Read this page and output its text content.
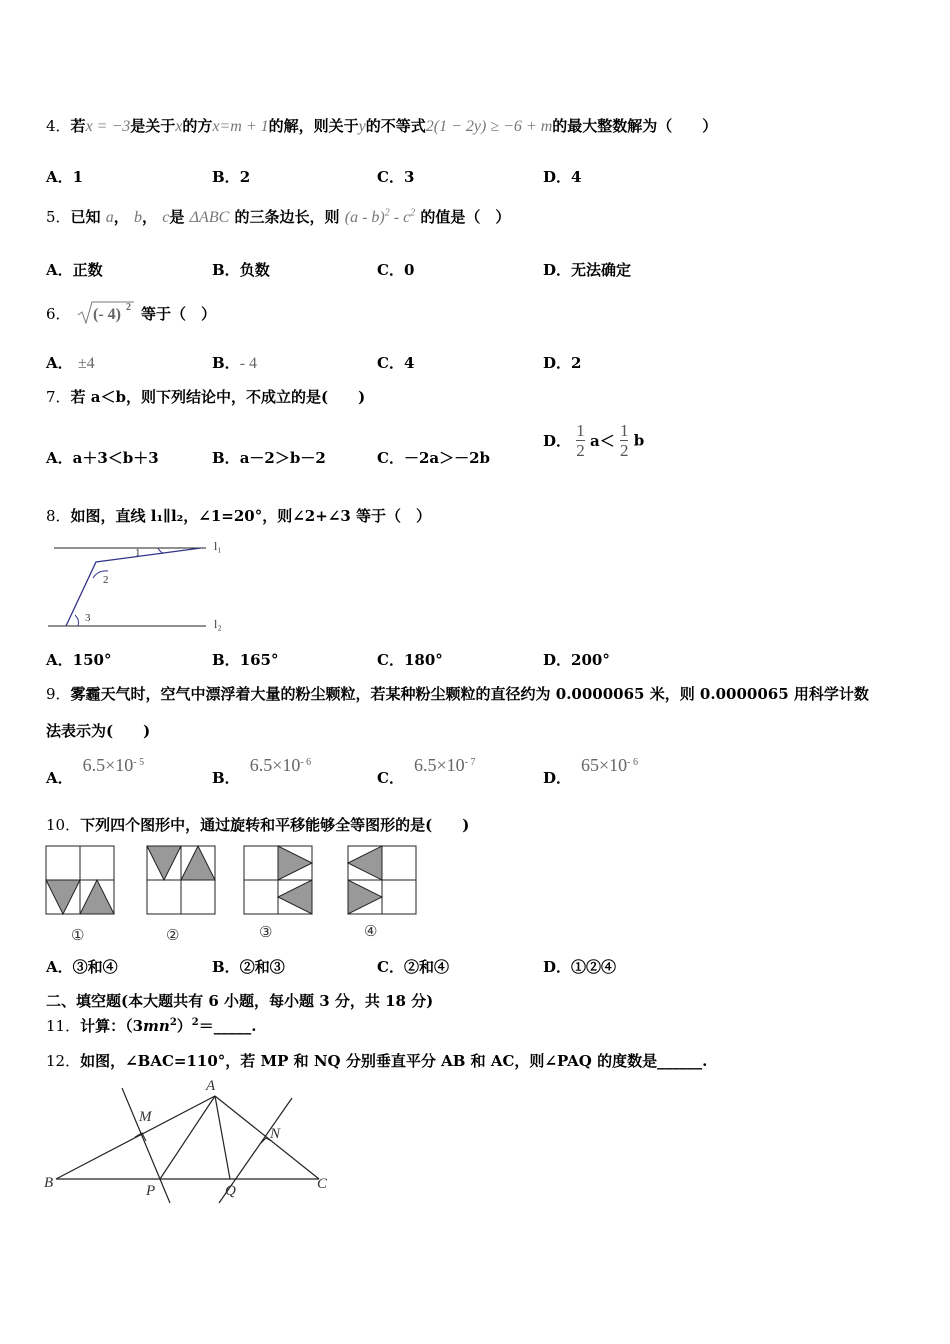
4．若x = −3是关于x的方x=m + 1的解，则关于y的不等式2(1 − 2y) ≥ −6 + m的最大整数解为（　　）
A．1	B．2	C．3	D．4
5．已知 a， b， c是 ΔABC 的三条边长，则 $(a - b)^2 - c^2$ 的值是（　）
A．正数	B．负数	C．0	D．无法确定
6． (- 4) 2 等于（　）
A． ±4	B．- 4	C．4	D．2
7．若 a＜b，则下列结论中，不成立的是(　　)
A．a＋3＜b＋3	B．a－2＞b－2	C．－2a＞－2b
D． $\frac{1}{2} a< \frac{1}{2}$ b
8．如图，直线 l₁∥l₂，∠1=20°，则∠2+∠3 等于（　）
l₁
l₂
1
2
3
A．150°	B．165°	C．180°	D．200°
9．雾霾天气时，空气中漂浮着大量的粉尘颗粒，若某种粉尘颗粒的直径约为 0.0000065 米，则 0.0000065 用科学计数
法表示为(　　)
A．$6.5\times 10^{- 5}$
B．$6.5\times 10^{- 6}$
C．$6.5\times 10^{- 7}$
D．$65\times 10^{- 6}$
10．下列四个图形中，通过旋转和平移能够全等图形的是(　　)
①	②	③	④
A．③和④	B．②和③	C．②和④	D．①②④
二、填空题(本大题共有 6 小题，每小题 3 分，共 18 分)
11．计算：$(3mn^2)^2=\_\_\_\_\_$.
12．如图，∠BAC=110°，若 MP 和 NQ 分别垂直平分 AB 和 AC，则∠PAQ 的度数是______.
B
A
C
M
N
P	Q
